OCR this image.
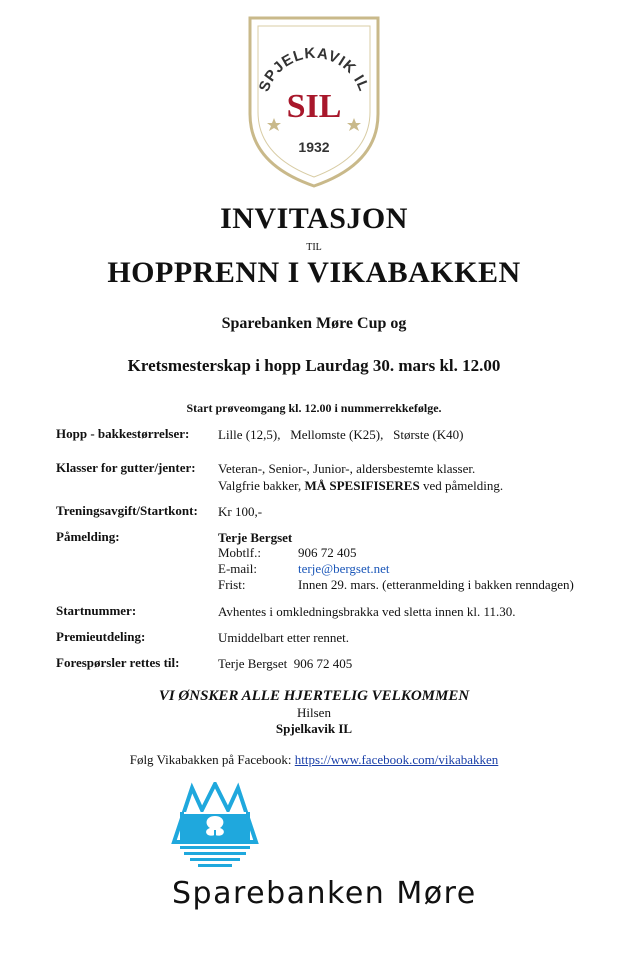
SPJELKAVIK IL
SIL
1932
INVITASJON
TIL
HOPPRENN I VIKABAKKEN
Sparebanken Møre Cup og
Kretsmesterskap i hopp Laurdag 30. mars kl. 12.00
Start prøveomgang kl. 12.00 i nummerrekkefølge.
Hopp - bakkestørrelser: Lille (12,5),   Mellomste (K25),   Største (K40)
Klasser for gutter/jenter: Veteran-, Senior-, Junior-, aldersbestemte klasser.
Valgfrie bakker, MÅ SPESIFISERES ved påmelding.
Treningsavgift/Startkont: Kr 100,-
Påmelding:	Terje Bergset
Mobtlf.:	906 72 405
E-mail:	terje@bergset.net
Frist:	Innen 29. mars. (etteranmelding i bakken renndagen)
Startnummer:	Avhentes i omkledningsbrakka ved sletta innen kl. 11.30.
Premieutdeling:	Umiddelbart etter rennet.
Forespørsler rettes til:	Terje Bergset  906 72 405
VI ØNSKER ALLE HJERTELIG VELKOMMEN
Hilsen
Spjelkavik IL
Følg Vikabakken på Facebook: https://www.facebook.com/vikabakken
Sparebanken Møre
